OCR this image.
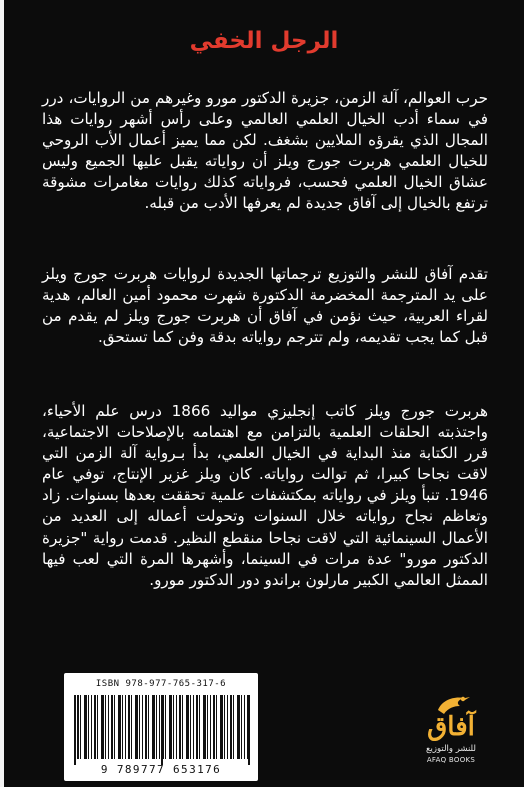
الرجل الخفي

حرب العوالم، آلة الزمن، جزيرة الدكتور مورو وغيرهم من الروايات، درر في سماء أدب الخيال العلمي العالمي وعلى رأس أشهر روايات هذا المجال الذي يقرؤه الملايين بشغف. لكن مما يميز أعمال الأب الروحي للخيال العلمي هربرت جورج ويلز أن رواياته يقبل عليها الجميع وليس عشاق الخيال العلمي فحسب، فرواياته كذلك روايات مغامرات مشوقة ترتفع بالخيال إلى آفاق جديدة لم يعرفها الأدب من قبله.

تقدم آفاق للنشر والتوزيع ترجماتها الجديدة لروايات هربرت جورج ويلز على يد المترجمة المخضرمة الدكتورة شهرت محمود أمين العالم، هدية لقراء العربية، حيث نؤمن في آفاق أن هربرت جورج ويلز لم يقدم من قبل كما يجب تقديمه، ولم تترجم رواياته بدقة وفن كما تستحق.

هربرت جورج ويلز كاتب إنجليزي مواليد 1866 درس علم الأحياء، واجتذبته الحلقات العلمية بالتزامن مع اهتمامه بالإصلاحات الاجتماعية، قرر الكتابة منذ البداية في الخيال العلمي، بدأ بـرواية آلة الزمن التي لاقت نجاحا كبيرا، ثم توالت رواياته. كان ويلز غزير الإنتاج، توفي عام 1946. تنبأ ويلز في رواياته بمكتشفات علمية تحققت بعدها بسنوات. زاد وتعاظم نجاح رواياته خلال السنوات وتحولت أعماله إلى العديد من الأعمال السينمائية التي لاقت نجاحا منقطع النظير. قدمت رواية "جزيرة الدكتور مورو" عدة مرات في السينما، وأشهرها المرة التي لعب فيها الممثل العالمي الكبير مارلون براندو دور الدكتور مورو.

ISBN 978-977-765-317-6
9 789777 653176
آفاق
للنشر والتوزيع
AFAQ BOOKS
